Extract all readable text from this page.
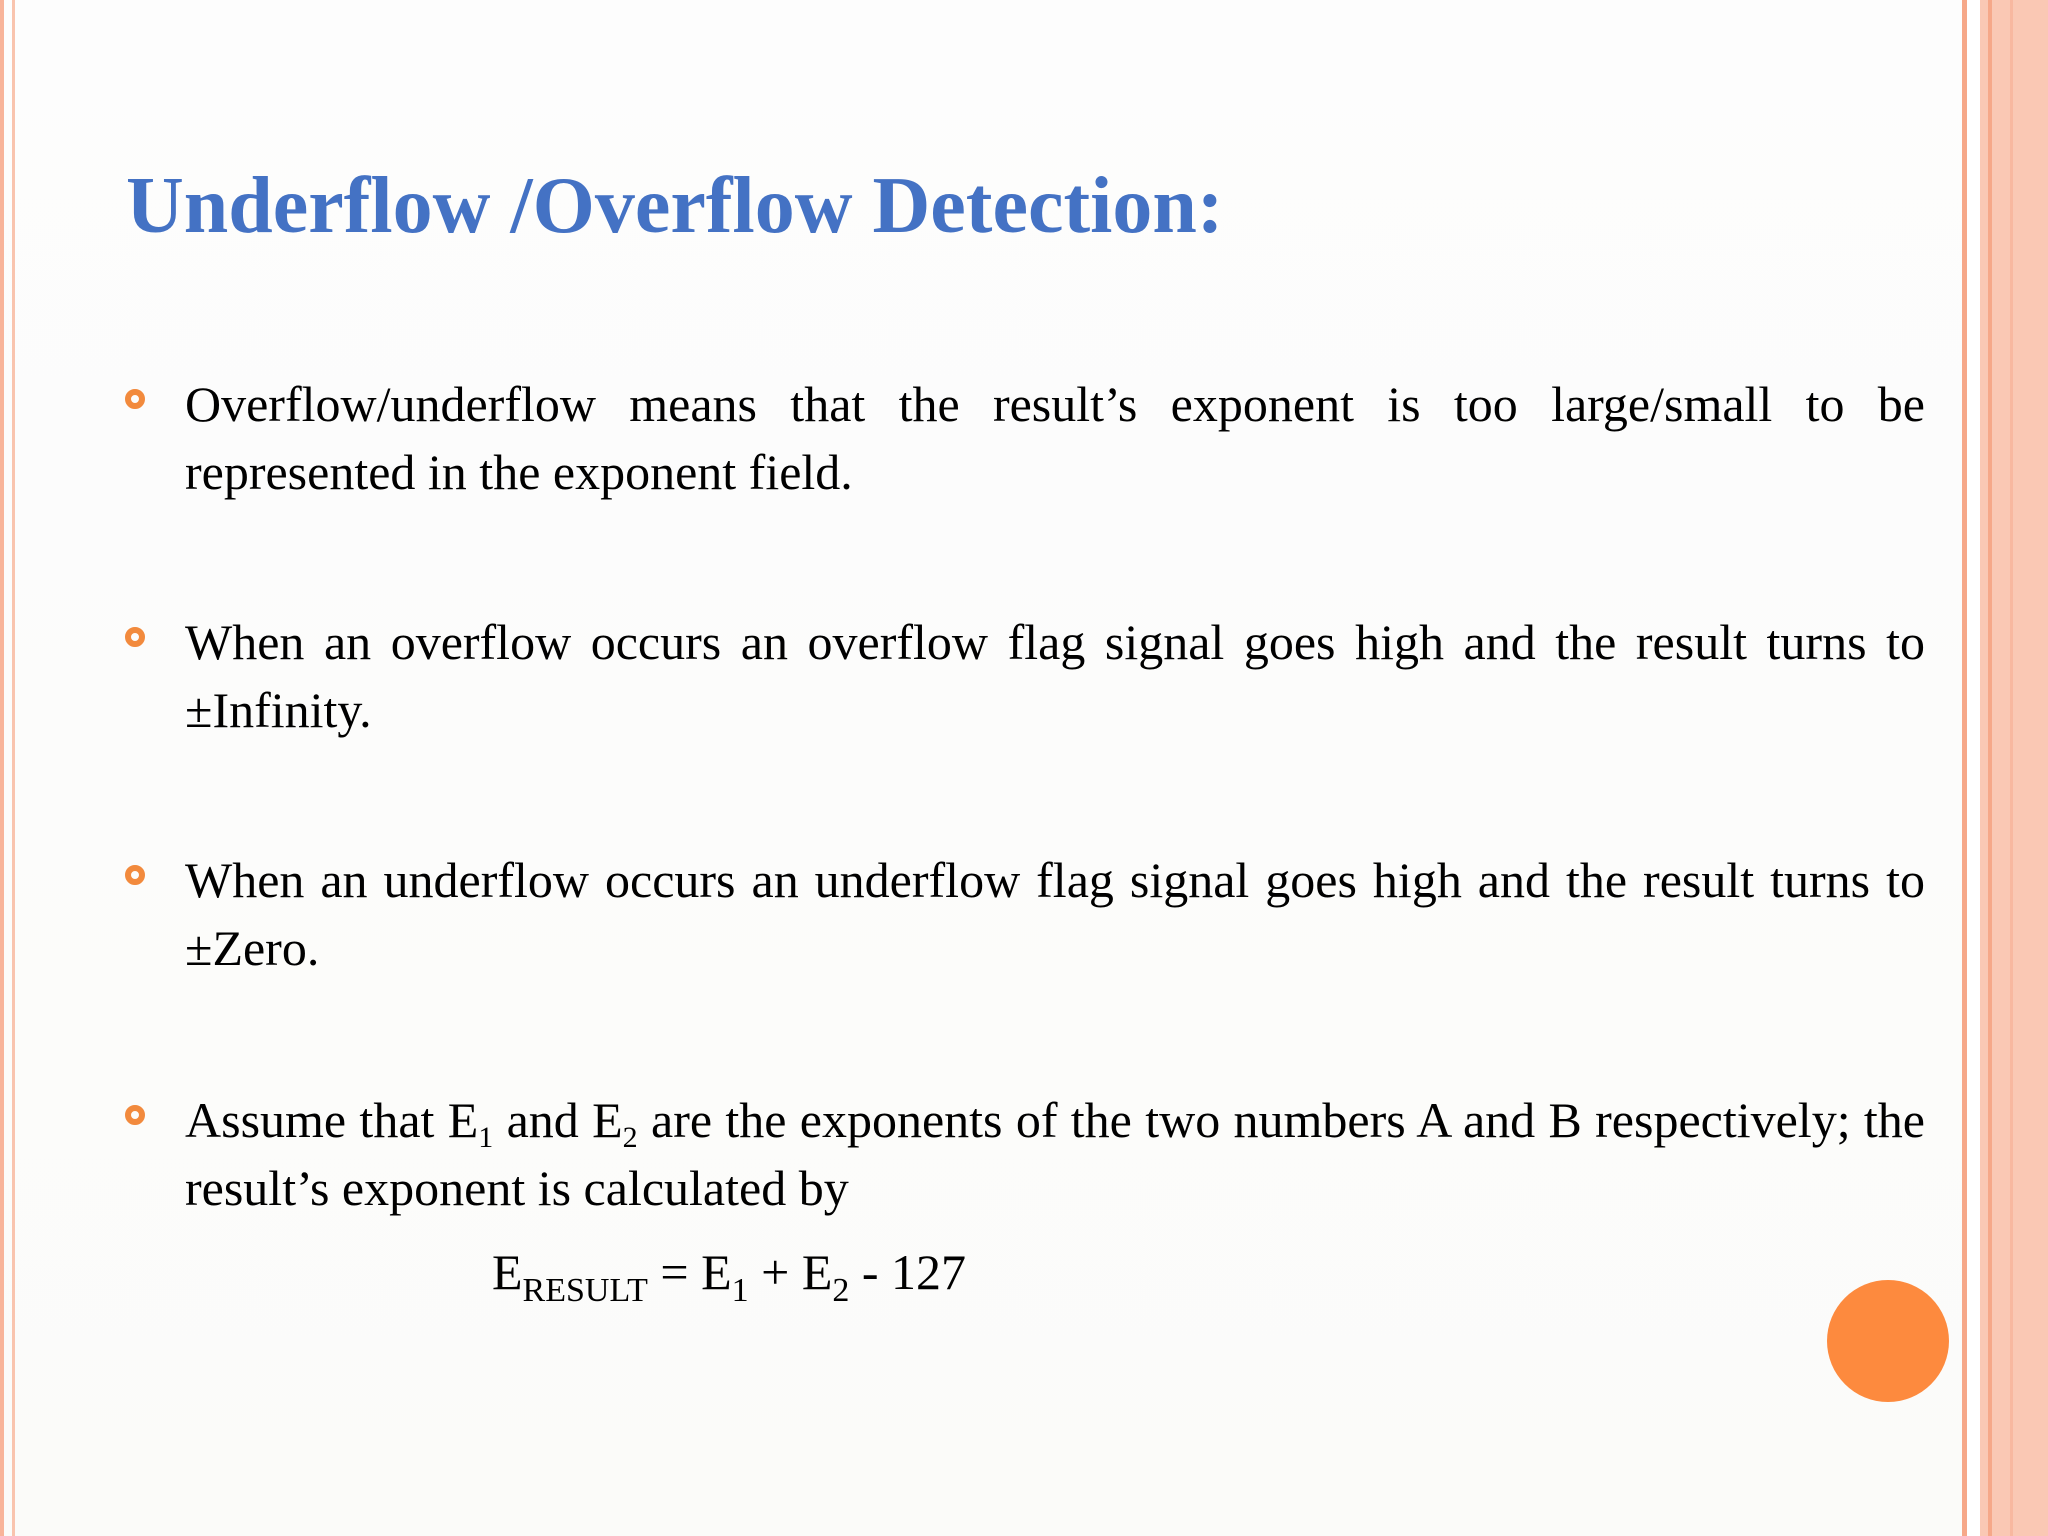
Underflow /Overflow Detection:
Overflow/underflow means that the result’s exponent is too large/small to be represented in the exponent field.
When an overflow occurs an overflow flag signal goes high and the result turns to ±Infinity.
When an underflow occurs an underflow flag signal goes high and the result turns to ±Zero.
Assume that $E_1$ and $E_2$ are the exponents of the two numbers A and B respectively; the result’s exponent is calculated by
$E_{RESULT} = E_1 + E_2 - 127$
